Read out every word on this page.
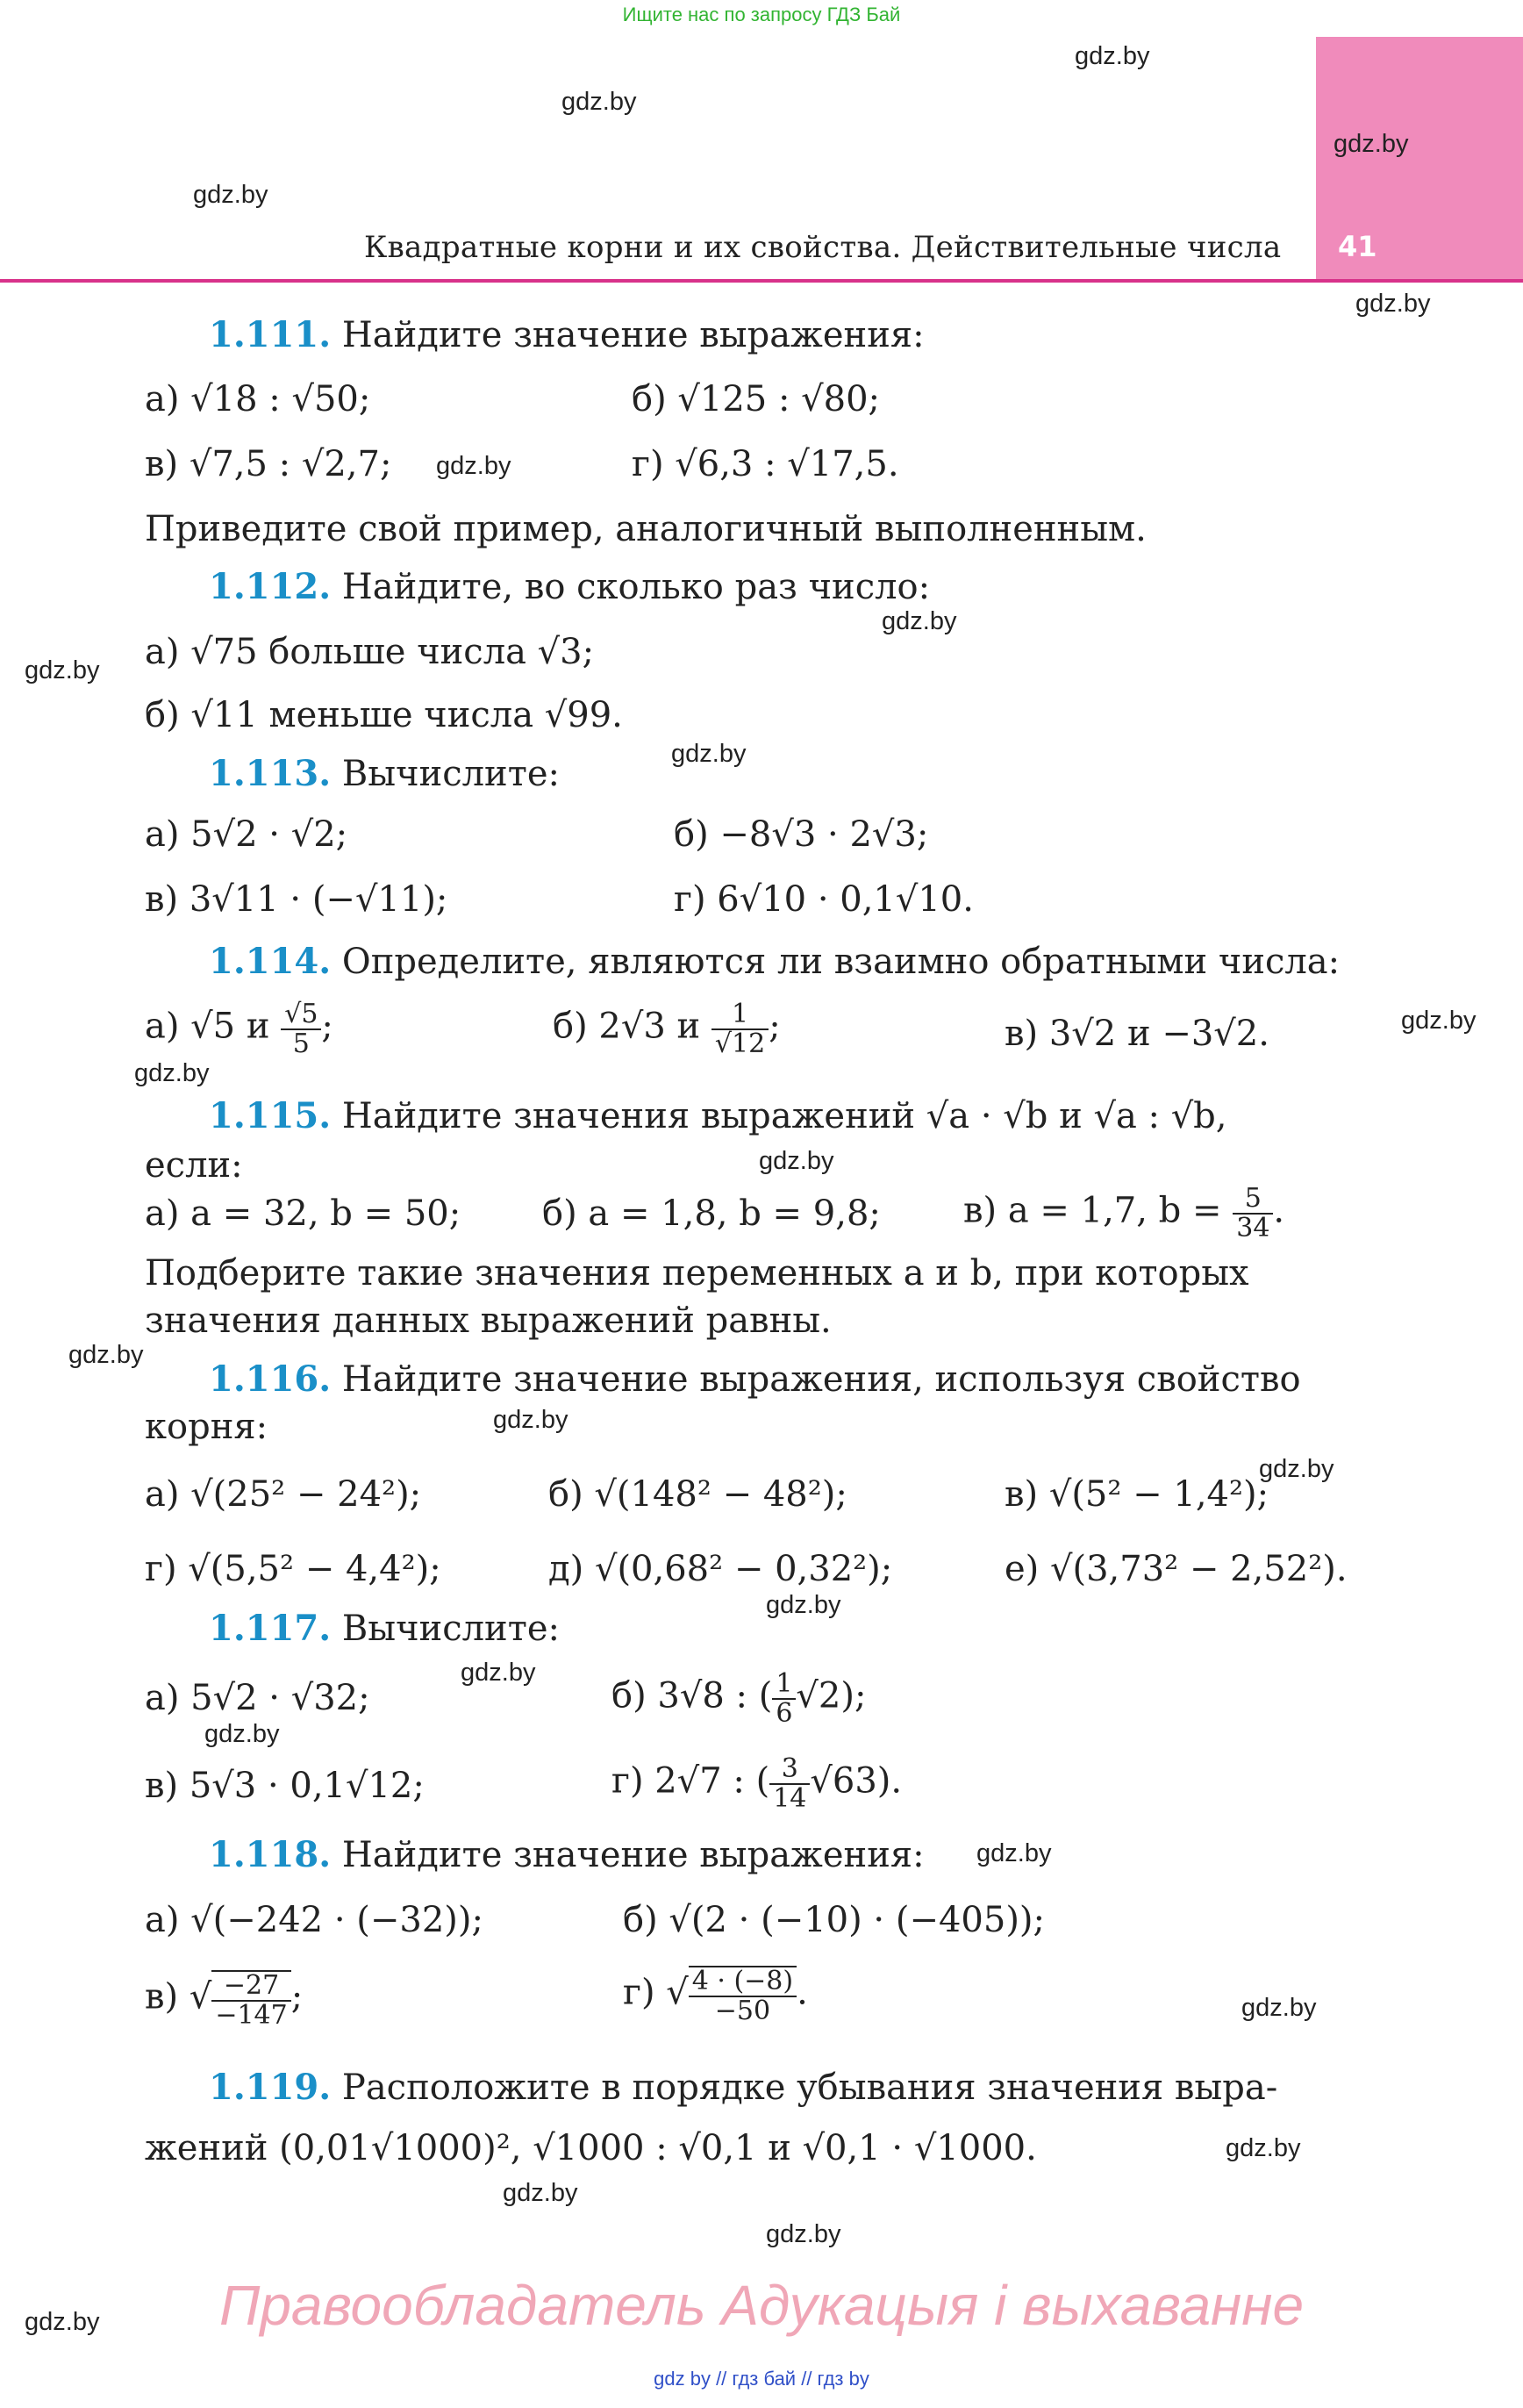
Ищите нас по запросу ГДЗ Бай
41
Квадратные корни и их свойства. Действительные числа
gdz.by
gdz.by
gdz.by
gdz.by
gdz.by
gdz.by
gdz.by
gdz.by
gdz.by
gdz.by
gdz.by
gdz.by
gdz.by
gdz.by
gdz.by
gdz.by
gdz.by
gdz.by
gdz.by
gdz.by
gdz.by
gdz.by
gdz.by
gdz.by
1.111. Найдите значение выражения:
а) √18 : √50;	б) √125 : √80;
в) √7,5 : √2,7;	г) √6,3 : √17,5.
Приведите свой пример, аналогичный выполненным.
1.112. Найдите, во сколько раз число:
а) √75 больше числа √3;
б) √11 меньше числа √99.
1.113. Вычислите:
а) 5√2 · √2;	б) −8√3 · 2√3;
в) 3√11 · (−√11);	г) 6√10 · 0,1√10.
1.114. Определите, являются ли взаимно обратными числа:
а) √5 и $\frac{√5}{5}$ ;	б) 2√3 и $\frac{1}{√12}$ ;	в) 3√2 и −3√2.
1.115. Найдите значения выражений √a · √b и √a : √b,
если:
а) a = 32, b = 50; б) a = 1,8, b = 9,8; в) a = 1,7, $b = \frac{5}{34}$ .
Подберите такие значения переменных a и b, при которых
значения данных выражений равны.
1.116. Найдите значение выражения, используя свойство
корня:
а) √(25² − 24²);	б) √(148² − 48²);	в) √(5² − 1,4²);
г) √(5,5² − 4,4²);	д) √(0,68² − 0,32²);	е) √(3,73² − 2,52²).
1.117. Вычислите:
а) 5√2 · √32;	б) 3√8 : ( $\frac{1}{6} √2$);
в) 5√3 · 0,1√12;	г) 2√7 : ( $\frac{3}{14} √63$).
1.118. Найдите значение выражения:
а) √(−242 · (−32));	б) √(2 · (−10) · (−405));
в) √ $\frac{-27}{-147}$ ;	г) √ $\frac{4 \cdot (-8)}{-50}$ .
1.119. Расположите в порядке убывания значения выра-
жений (0,01√1000)², √1000 : √0,1 и √0,1 · √1000.
Правообладатель Адукацыя і выхаванне
gdz by // гдз бай // гдз by
